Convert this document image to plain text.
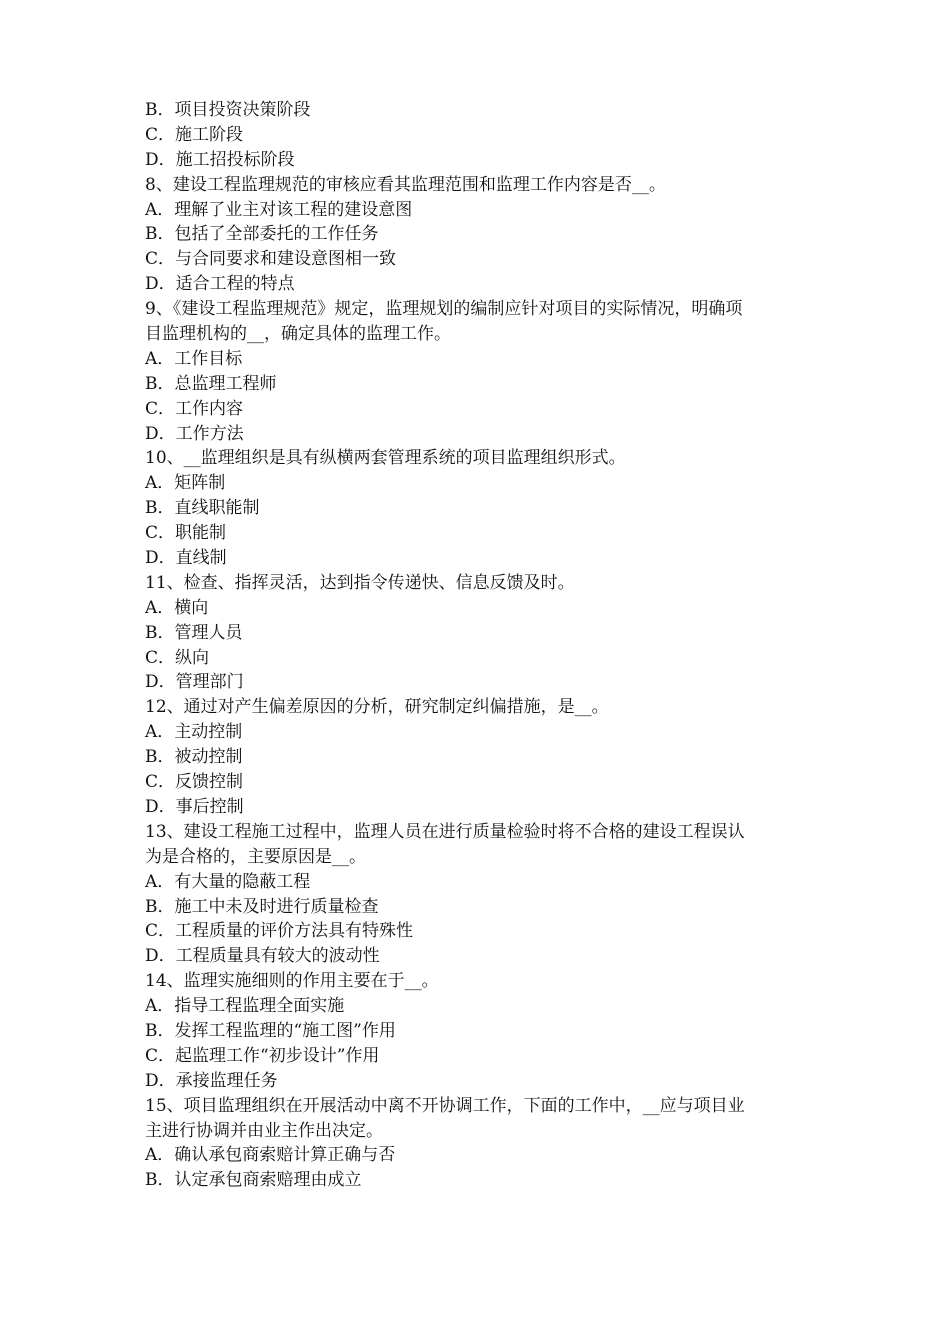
B．项目投资决策阶段
C．施工阶段
D．施工招投标阶段
8、建设工程监理规范的审核应看其监理范围和监理工作内容是否__。
A．理解了业主对该工程的建设意图
B．包括了全部委托的工作任务
C．与合同要求和建设意图相一致
D．适合工程的特点
9、《建设工程监理规范》规定，监理规划的编制应针对项目的实际情况，明确项
目监理机构的__，确定具体的监理工作。
A．工作目标
B．总监理工程师
C．工作内容
D．工作方法
10、__监理组织是具有纵横两套管理系统的项目监理组织形式。
A．矩阵制
B．直线职能制
C．职能制
D．直线制
11、检查、指挥灵活，达到指令传递快、信息反馈及时。
A．横向
B．管理人员
C．纵向
D．管理部门
12、通过对产生偏差原因的分析，研究制定纠偏措施，是__。
A．主动控制
B．被动控制
C．反馈控制
D．事后控制
13、建设工程施工过程中，监理人员在进行质量检验时将不合格的建设工程误认
为是合格的，主要原因是__。
A．有大量的隐蔽工程
B．施工中未及时进行质量检查
C．工程质量的评价方法具有特殊性
D．工程质量具有较大的波动性
14、监理实施细则的作用主要在于__。
A．指导工程监理全面实施
B．发挥工程监理的“施工图”作用
C．起监理工作“初步设计”作用
D．承接监理任务
15、项目监理组织在开展活动中离不开协调工作，下面的工作中，__应与项目业
主进行协调并由业主作出决定。
A．确认承包商索赔计算正确与否
B．认定承包商索赔理由成立
